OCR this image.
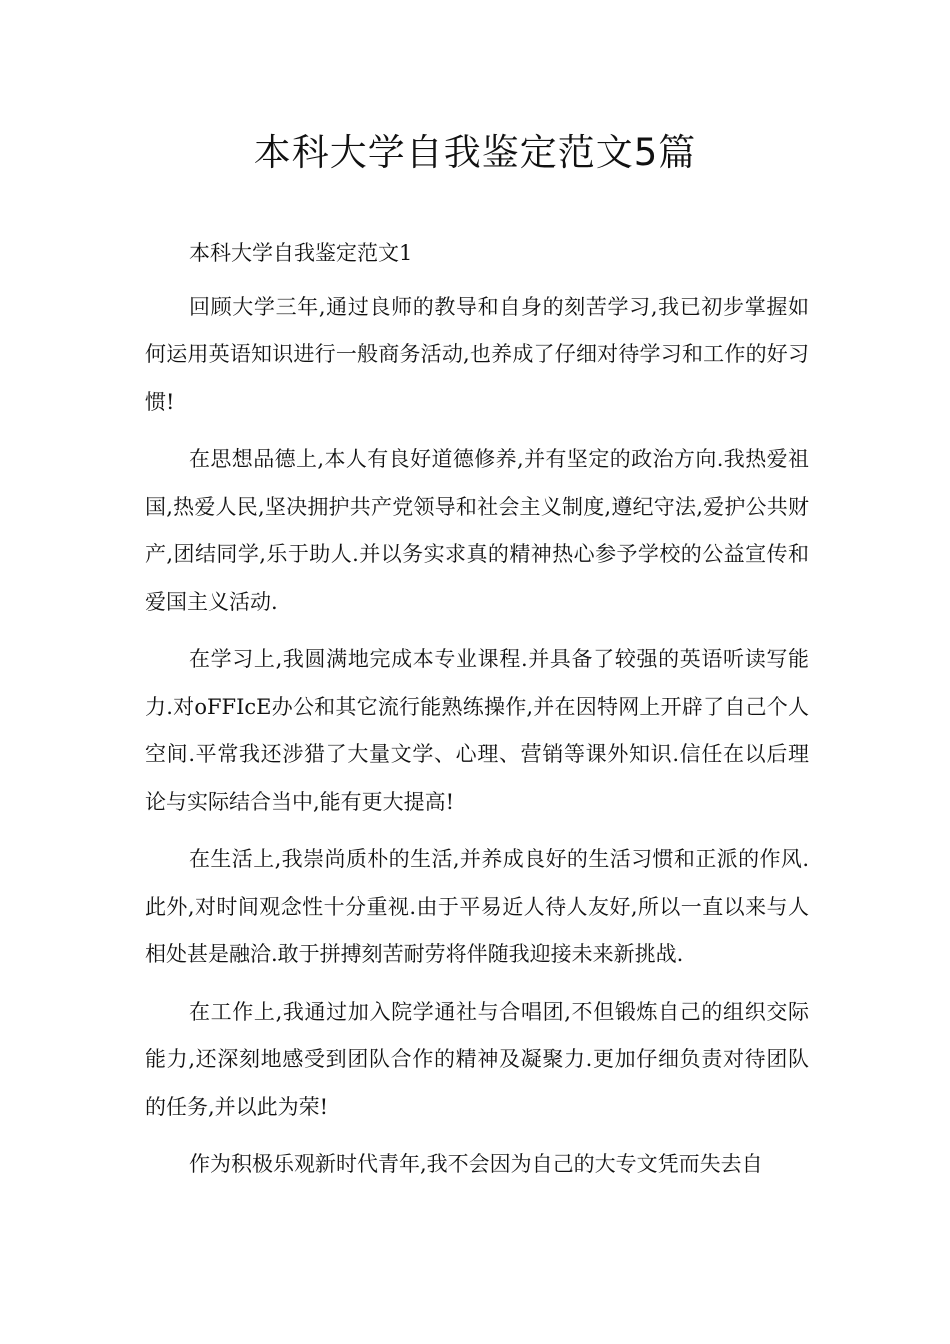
本科大学自我鉴定范文5篇

本科大学自我鉴定范文1

回顾大学三年,通过良师的教导和自身的刻苦学习,我已初步掌握如何运用英语知识进行一般商务活动,也养成了仔细对待学习和工作的好习惯!

在思想品德上,本人有良好道德修养,并有坚定的政治方向.我热爱祖国,热爱人民,坚决拥护共产党领导和社会主义制度,遵纪守法,爱护公共财产,团结同学,乐于助人.并以务实求真的精神热心参予学校的公益宣传和爱国主义活动.

在学习上,我圆满地完成本专业课程.并具备了较强的英语听读写能力.对oFFIcE办公和其它流行能熟练操作,并在因特网上开辟了自己个人空间.平常我还涉猎了大量文学、心理、营销等课外知识.信任在以后理论与实际结合当中,能有更大提高!

在生活上,我崇尚质朴的生活,并养成良好的生活习惯和正派的作风.此外,对时间观念性十分重视.由于平易近人待人友好,所以一直以来与人相处甚是融洽.敢于拼搏刻苦耐劳将伴随我迎接未来新挑战.

在工作上,我通过加入院学通社与合唱团,不但锻炼自己的组织交际能力,还深刻地感受到团队合作的精神及凝聚力.更加仔细负责对待团队的任务,并以此为荣!

作为积极乐观新时代青年,我不会因为自己的大专文凭而失去自
